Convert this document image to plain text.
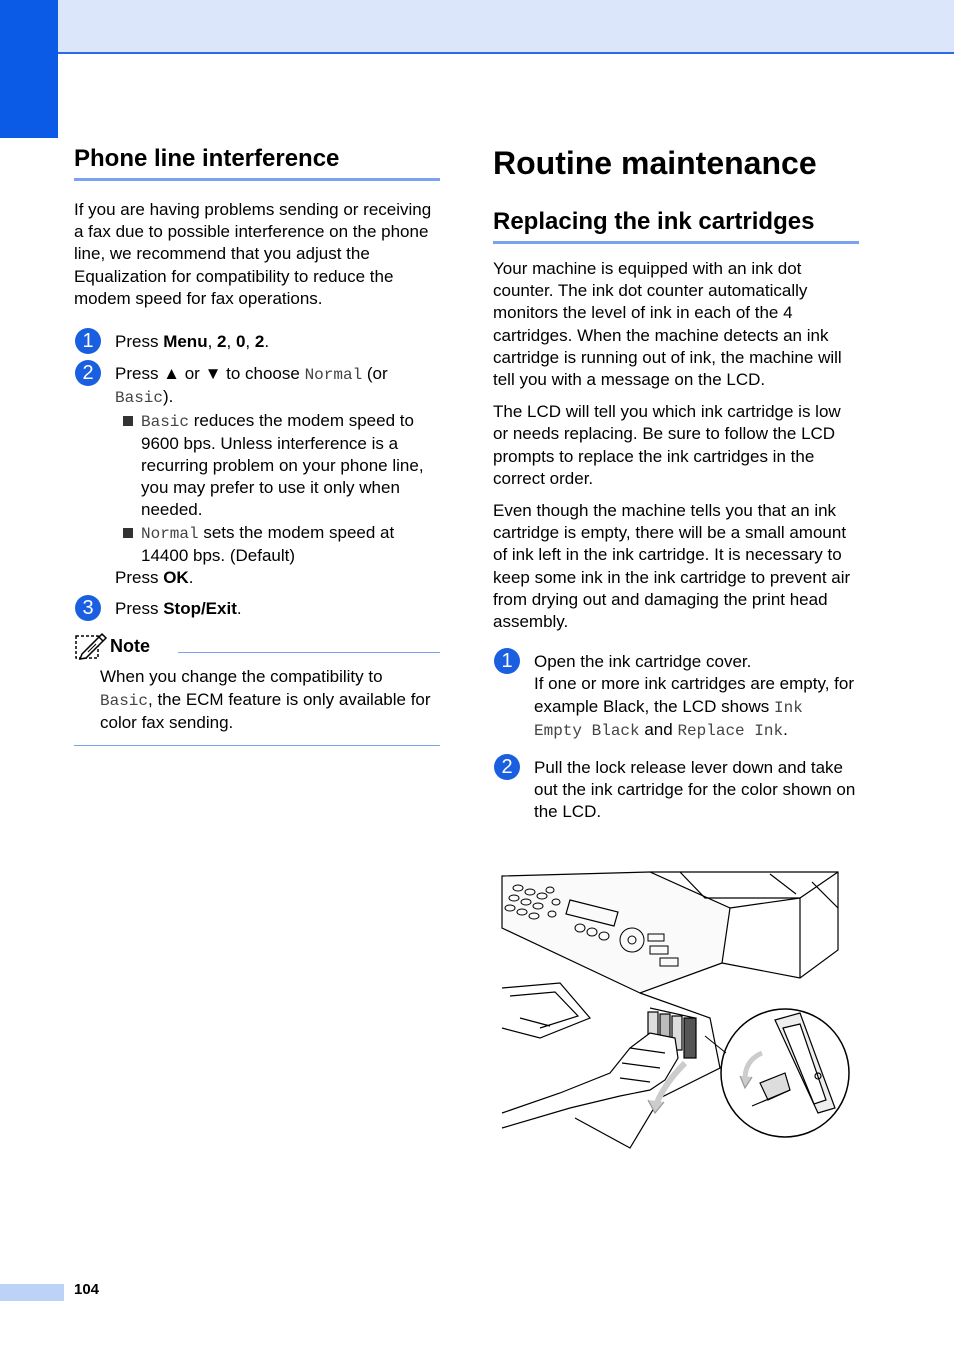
Phone line interference

If you are having problems sending or receiving a fax due to possible interference on the phone line, we recommend that you adjust the Equalization for compatibility to reduce the modem speed for fax operations.

1	Press Menu, 2, 0, 2.
2	Press ▲ or ▼ to choose Normal (or Basic).
Basic reduces the modem speed to 9600 bps. Unless interference is a recurring problem on your phone line, you may prefer to use it only when needed.
Normal sets the modem speed at 14400 bps. (Default)
Press OK.
3	Press Stop/Exit.
Note
When you change the compatibility to Basic, the ECM feature is only available for color fax sending.
Routine maintenance
Replacing the ink cartridges

Your machine is equipped with an ink dot counter. The ink dot counter automatically monitors the level of ink in each of the 4 cartridges. When the machine detects an ink cartridge is running out of ink, the machine will tell you with a message on the LCD.

The LCD will tell you which ink cartridge is low or needs replacing. Be sure to follow the LCD prompts to replace the ink cartridges in the correct order.

Even though the machine tells you that an ink cartridge is empty, there will be a small amount of ink left in the ink cartridge. It is necessary to keep some ink in the ink cartridge to prevent air from drying out and damaging the print head assembly.

1	Open the ink cartridge cover.
If one or more ink cartridges are empty, for example Black, the LCD shows Ink Empty Black and Replace Ink.
2	Pull the lock release lever down and take out the ink cartridge for the color shown on the LCD.
104
